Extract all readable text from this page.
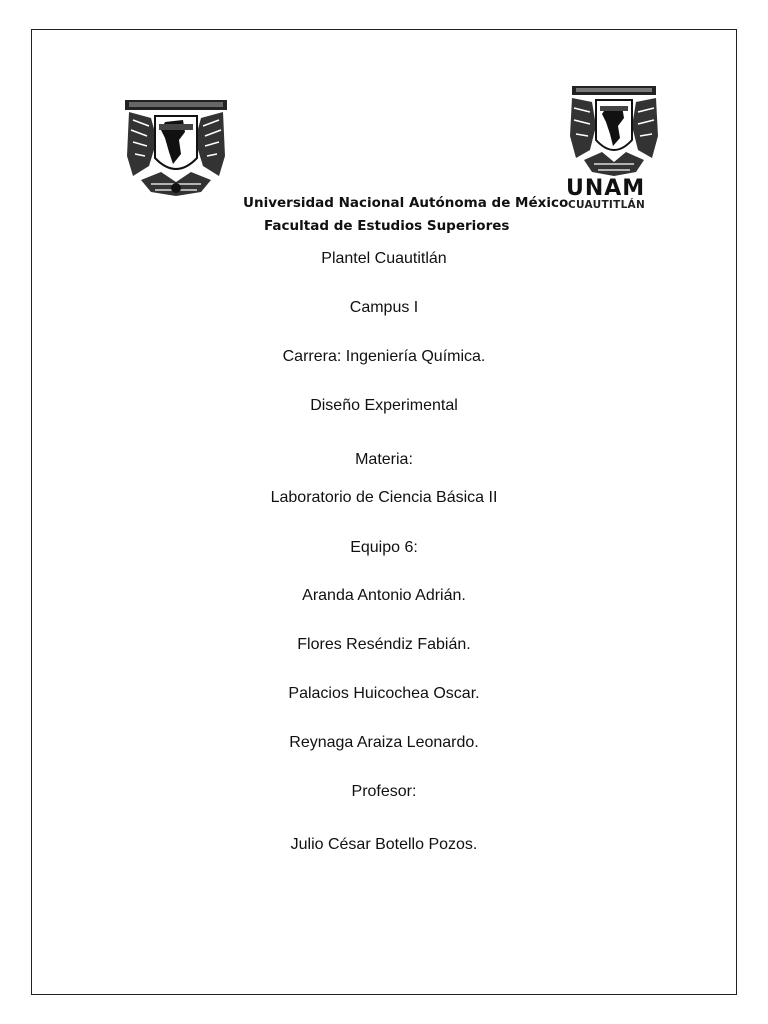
UNAM
CUAUTITLÁN
Universidad Nacional Autónoma de México
Facultad de Estudios Superiores
Plantel Cuautitlán
Campus I
Carrera: Ingeniería Química.
Diseño Experimental
Materia:
Laboratorio de Ciencia Básica II
Equipo 6:
Aranda Antonio Adrián.
Flores Reséndiz Fabián.
Palacios Huicochea Oscar.
Reynaga Araiza Leonardo.
Profesor:
Julio César Botello Pozos.
